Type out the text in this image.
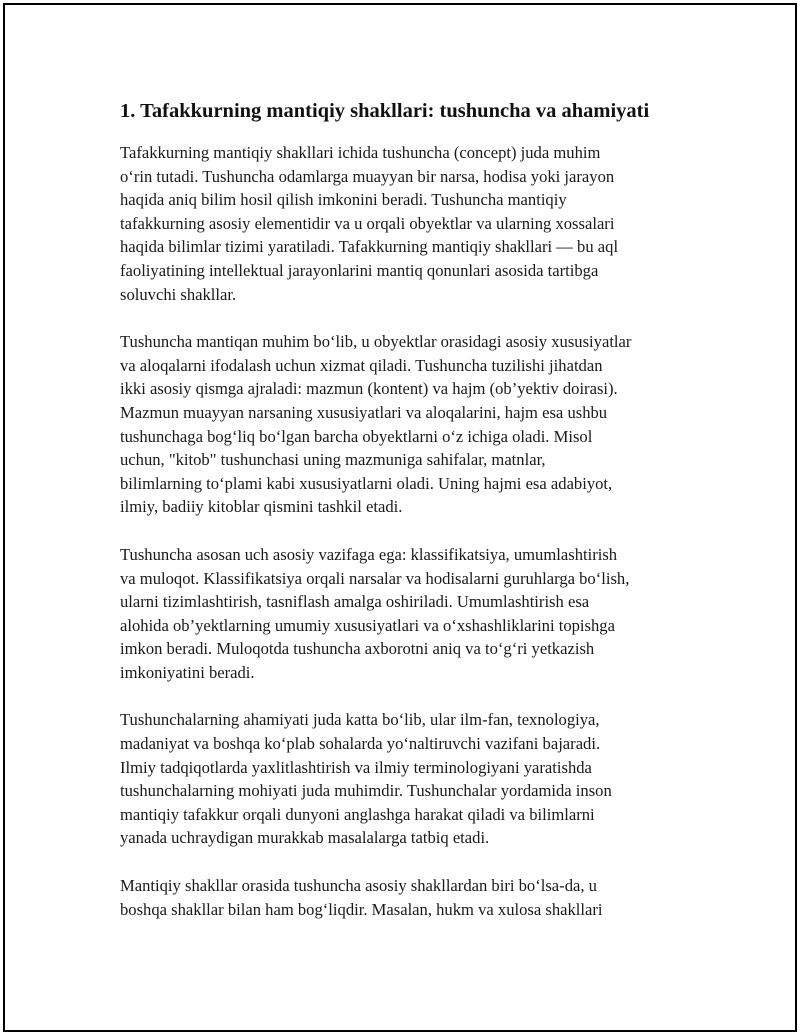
1. Tafakkurning mantiqiy shakllari: tushuncha va ahamiyati

Tafakkurning mantiqiy shakllari ichida tushuncha (concept) juda muhim
o‘rin tutadi. Tushuncha odamlarga muayyan bir narsa, hodisa yoki jarayon
haqida aniq bilim hosil qilish imkonini beradi. Tushuncha mantiqiy
tafakkurning asosiy elementidir va u orqali obyektlar va ularning xossalari
haqida bilimlar tizimi yaratiladi. Tafakkurning mantiqiy shakllari — bu aql
faoliyatining intellektual jarayonlarini mantiq qonunlari asosida tartibga
soluvchi shakllar.

Tushuncha mantiqan muhim bo‘lib, u obyektlar orasidagi asosiy xususiyatlar
va aloqalarni ifodalash uchun xizmat qiladi. Tushuncha tuzilishi jihatdan
ikki asosiy qismga ajraladi: mazmun (kontent) va hajm (ob’yektiv doirasi).
Mazmun muayyan narsaning xususiyatlari va aloqalarini, hajm esa ushbu
tushunchaga bog‘liq bo‘lgan barcha obyektlarni o‘z ichiga oladi. Misol
uchun, "kitob" tushunchasi uning mazmuniga sahifalar, matnlar,
bilimlarning to‘plami kabi xususiyatlarni oladi. Uning hajmi esa adabiyot,
ilmiy, badiiy kitoblar qismini tashkil etadi.

Tushuncha asosan uch asosiy vazifaga ega: klassifikatsiya, umumlashtirish
va muloqot. Klassifikatsiya orqali narsalar va hodisalarni guruhlarga bo‘lish,
ularni tizimlashtirish, tasniflash amalga oshiriladi. Umumlashtirish esa
alohida ob’yektlarning umumiy xususiyatlari va o‘xshashliklarini topishga
imkon beradi. Muloqotda tushuncha axborotni aniq va to‘g‘ri yetkazish
imkoniyatini beradi.

Tushunchalarning ahamiyati juda katta bo‘lib, ular ilm-fan, texnologiya,
madaniyat va boshqa ko‘plab sohalarda yo‘naltiruvchi vazifani bajaradi.
Ilmiy tadqiqotlarda yaxlitlashtirish va ilmiy terminologiyani yaratishda
tushunchalarning mohiyati juda muhimdir. Tushunchalar yordamida inson
mantiqiy tafakkur orqali dunyoni anglashga harakat qiladi va bilimlarni
yanada uchraydigan murakkab masalalarga tatbiq etadi.

Mantiqiy shakllar orasida tushuncha asosiy shakllardan biri bo‘lsa-da, u
boshqa shakllar bilan ham bog‘liqdir. Masalan, hukm va xulosa shakllari
